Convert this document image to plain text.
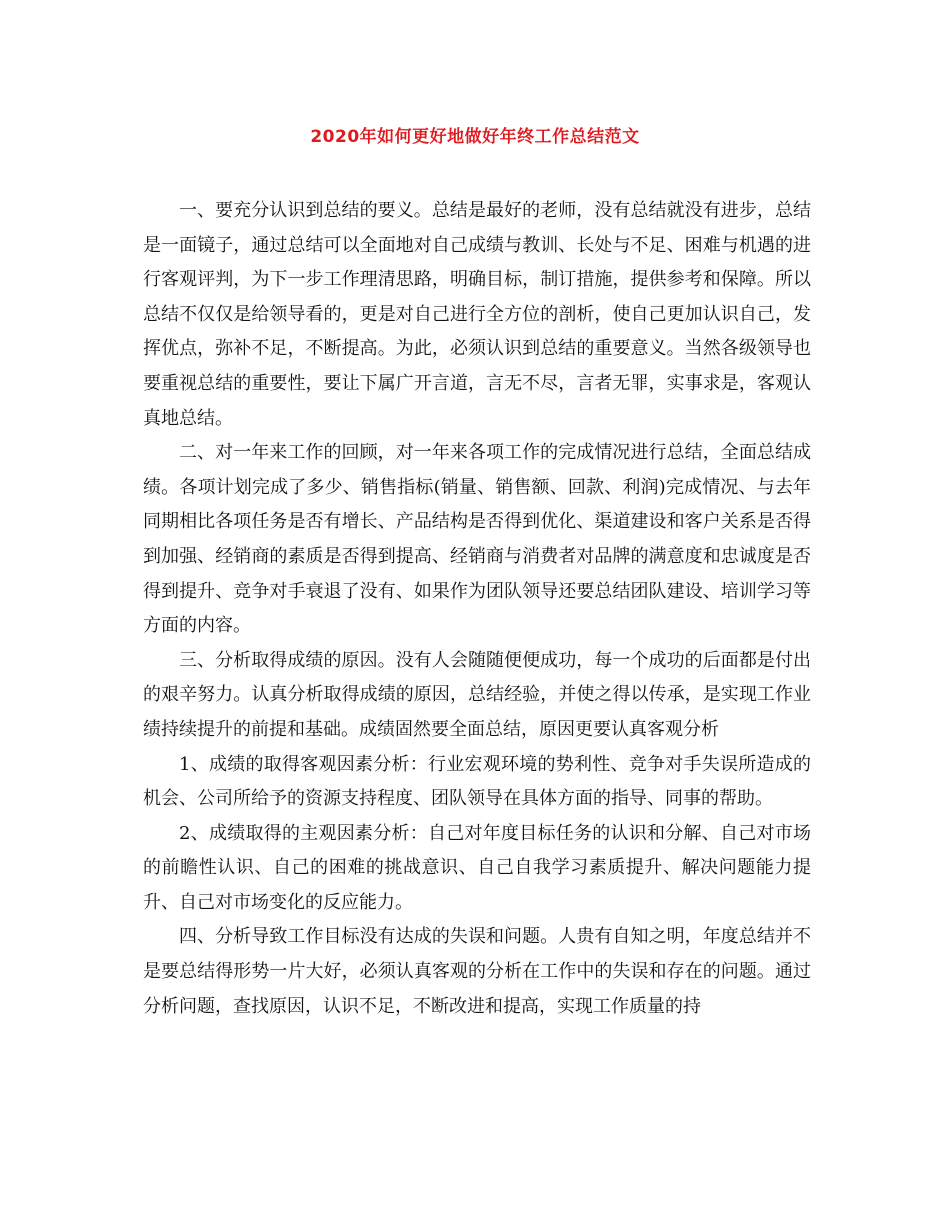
2020年如何更好地做好年终工作总结范文

一、要充分认识到总结的要义。总结是最好的老师，没有总结就没有进步，总结是一面镜子，通过总结可以全面地对自己成绩与教训、长处与不足、困难与机遇的进行客观评判，为下一步工作理清思路，明确目标，制订措施，提供参考和保障。所以总结不仅仅是给领导看的，更是对自己进行全方位的剖析，使自己更加认识自己，发挥优点，弥补不足，不断提高。为此，必须认识到总结的重要意义。当然各级领导也要重视总结的重要性，要让下属广开言道，言无不尽，言者无罪，实事求是，客观认真地总结。

二、对一年来工作的回顾，对一年来各项工作的完成情况进行总结，全面总结成绩。各项计划完成了多少、销售指标(销量、销售额、回款、利润)完成情况、与去年同期相比各项任务是否有增长、产品结构是否得到优化、渠道建设和客户关系是否得到加强、经销商的素质是否得到提高、经销商与消费者对品牌的满意度和忠诚度是否得到提升、竞争对手衰退了没有、如果作为团队领导还要总结团队建设、培训学习等方面的内容。

三、分析取得成绩的原因。没有人会随随便便成功，每一个成功的后面都是付出的艰辛努力。认真分析取得成绩的原因，总结经验，并使之得以传承，是实现工作业绩持续提升的前提和基础。成绩固然要全面总结，原因更要认真客观分析

1、成绩的取得客观因素分析：行业宏观环境的势利性、竞争对手失误所造成的机会、公司所给予的资源支持程度、团队领导在具体方面的指导、同事的帮助。

2、成绩取得的主观因素分析：自己对年度目标任务的认识和分解、自己对市场的前瞻性认识、自己的困难的挑战意识、自己自我学习素质提升、解决问题能力提升、自己对市场变化的反应能力。

四、分析导致工作目标没有达成的失误和问题。人贵有自知之明，年度总结并不是要总结得形势一片大好，必须认真客观的分析在工作中的失误和存在的问题。通过分析问题，查找原因，认识不足，不断改进和提高，实现工作质量的持
